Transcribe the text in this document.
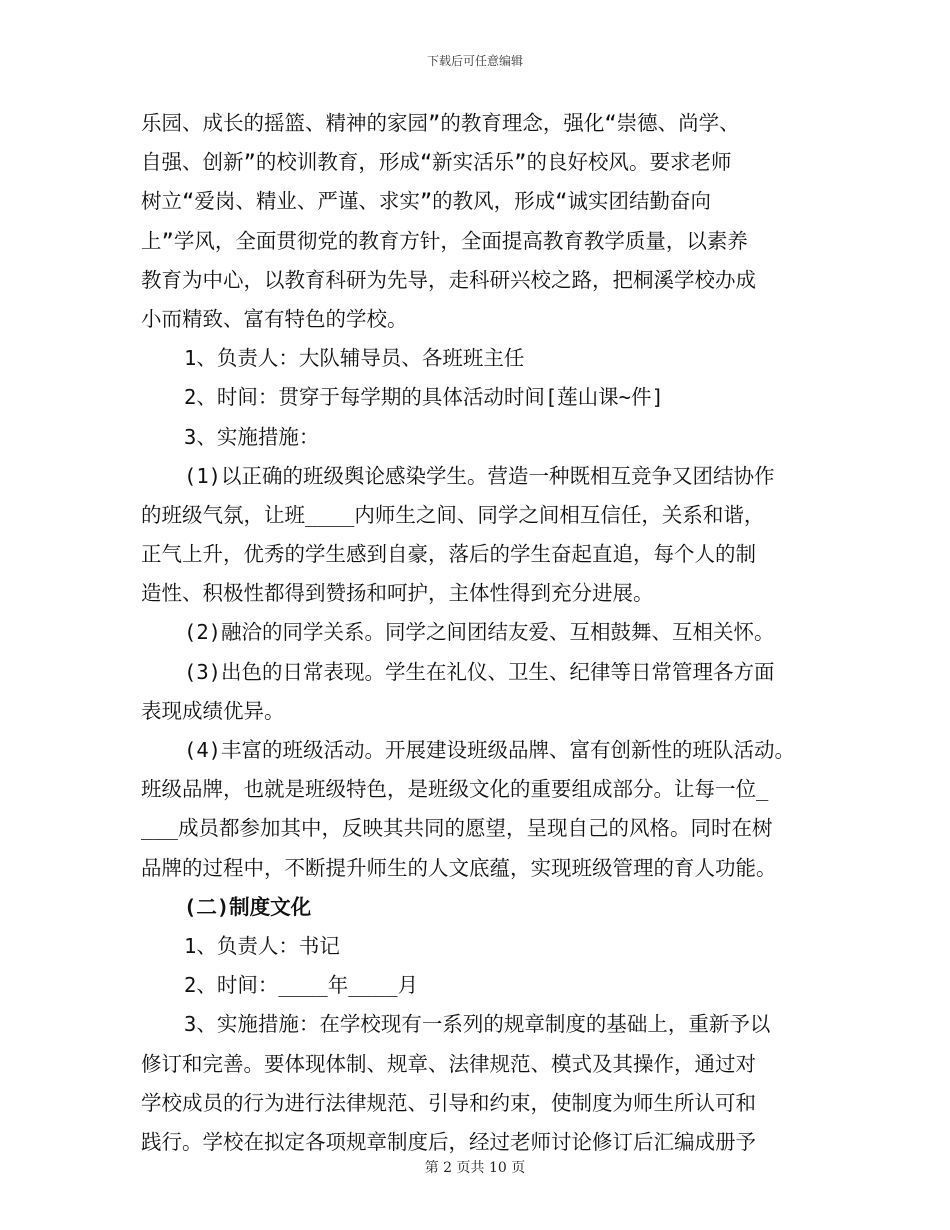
下载后可任意编辑
乐园、成长的摇篮、精神的家园”的教育理念，强化“崇德、尚学、
自强、创新”的校训教育，形成“新实活乐”的良好校风。要求老师
树立“爱岗、精业、严谨、求实”的教风，形成“诚实团结勤奋向
上”学风，全面贯彻党的教育方针，全面提高教育教学质量，以素养
教育为中心，以教育科研为先导，走科研兴校之路，把桐溪学校办成
小而精致、富有特色的学校。
1、负责人：大队辅导员、各班班主任
2、时间：贯穿于每学期的具体活动时间[莲山课~件]
3、实施措施：
(1)以正确的班级舆论感染学生。营造一种既相互竞争又团结协作
的班级气氛，让班____内师生之间、同学之间相互信任，关系和谐，
正气上升，优秀的学生感到自豪，落后的学生奋起直追，每个人的制
造性、积极性都得到赞扬和呵护，主体性得到充分进展。
(2)融洽的同学关系。同学之间团结友爱、互相鼓舞、互相关怀。
(3)出色的日常表现。学生在礼仪、卫生、纪律等日常管理各方面
表现成绩优异。
(4)丰富的班级活动。开展建设班级品牌、富有创新性的班队活动。
班级品牌，也就是班级特色，是班级文化的重要组成部分。让每一位_
___成员都参加其中，反映其共同的愿望，呈现自己的风格。同时在树
品牌的过程中，不断提升师生的人文底蕴，实现班级管理的育人功能。
(二)制度文化
1、负责人：书记
2、时间：____年____月
3、实施措施：在学校现有一系列的规章制度的基础上，重新予以
修订和完善。要体现体制、规章、法律规范、模式及其操作，通过对
学校成员的行为进行法律规范、引导和约束，使制度为师生所认可和
践行。学校在拟定各项规章制度后，经过老师讨论修订后汇编成册予
第 2 页共 10 页
